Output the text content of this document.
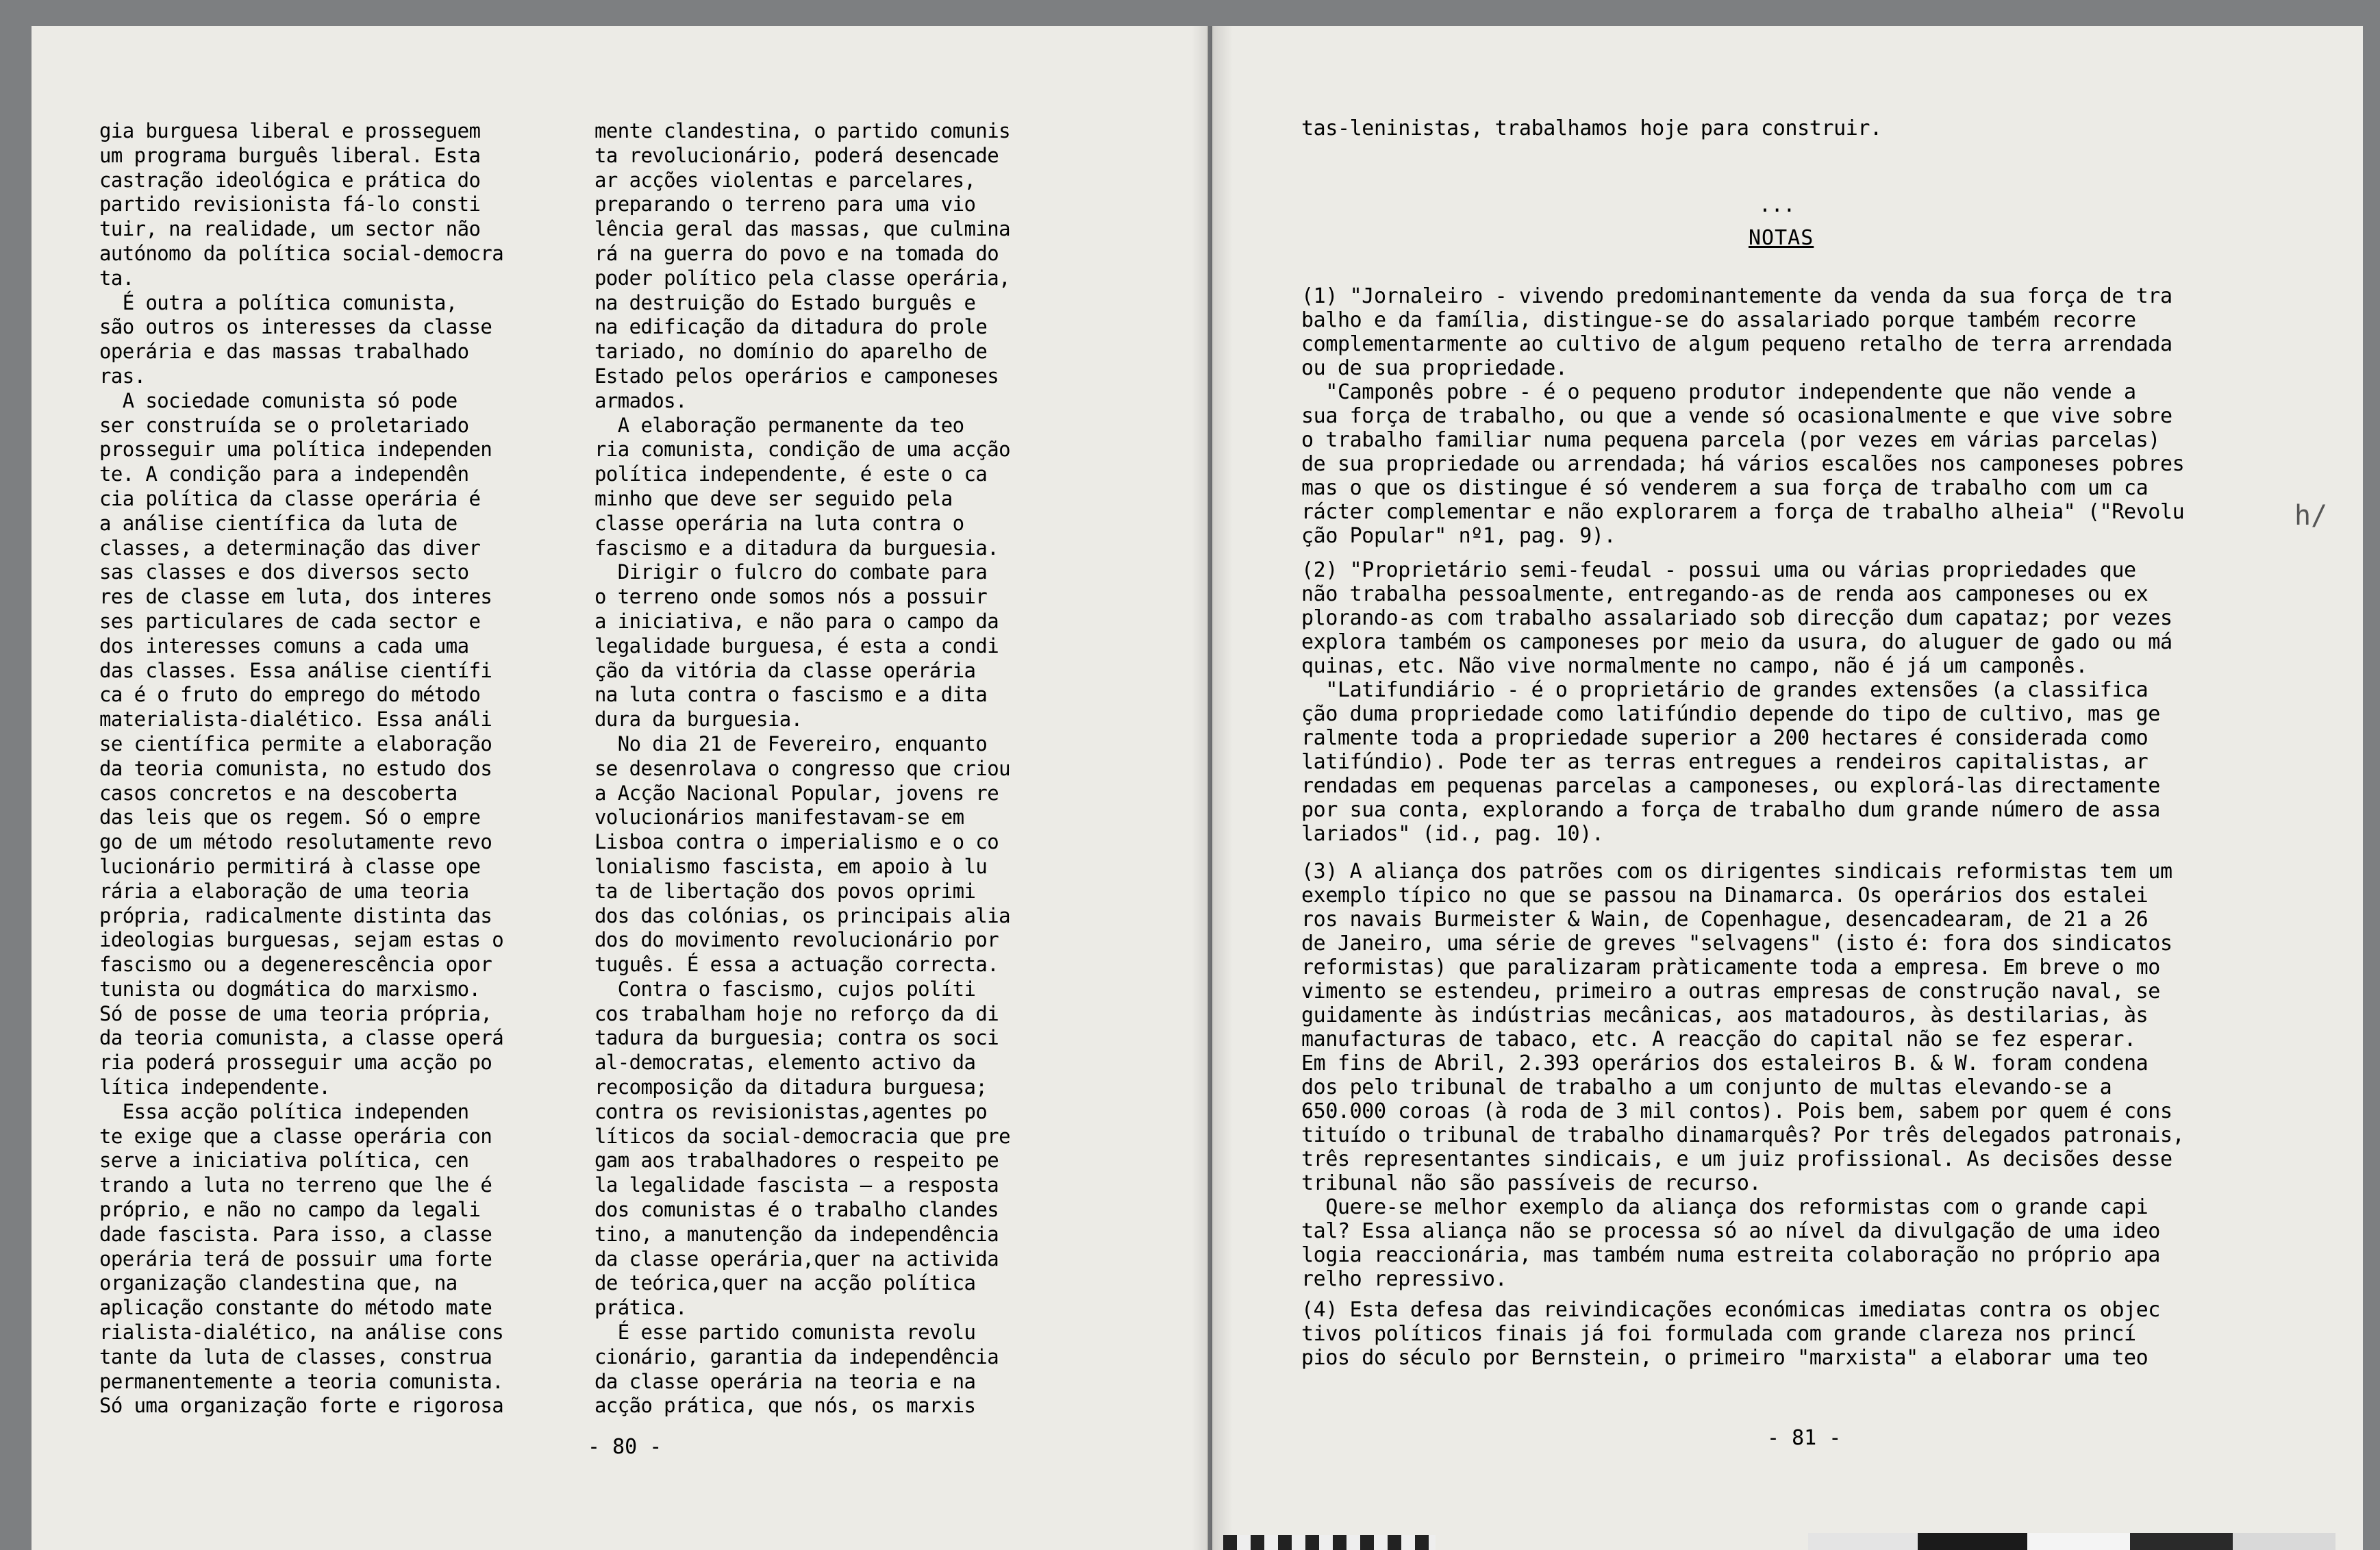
gia burguesa liberal e prosseguem
um programa burguês liberal. Esta
castração ideológica e prática do
partido revisionista fá-lo consti
tuir, na realidade, um sector não
autónomo da política social-democra
ta.
É outra a política comunista,
são outros os interesses da classe
operária e das massas trabalhado
ras.
A sociedade comunista só pode
ser construída se o proletariado
prosseguir uma política independen
te. A condição para a independên
cia política da classe operária é
a análise científica da luta de
classes, a determinação das diver
sas classes e dos diversos secto
res de classe em luta, dos interes
ses particulares de cada sector e
dos interesses comuns a cada uma
das classes. Essa análise científi
ca é o fruto do emprego do método
materialista-dialético. Essa análi
se científica permite a elaboração
da teoria comunista, no estudo dos
casos concretos e na descoberta
das leis que os regem. Só o empre
go de um método resolutamente revo
lucionário permitirá à classe ope
rária a elaboração de uma teoria
própria, radicalmente distinta das
ideologias burguesas, sejam estas o
fascismo ou a degenerescência opor
tunista ou dogmática do marxismo.
Só de posse de uma teoria própria,
da teoria comunista, a classe operá
ria poderá prosseguir uma acção po
lítica independente.
Essa acção política independen
te exige que a classe operária con
serve a iniciativa política, cen
trando a luta no terreno que lhe é
próprio, e não no campo da legali
dade fascista. Para isso, a classe
operária terá de possuir uma forte
organização clandestina que, na
aplicação constante do método mate
rialista-dialético, na análise cons
tante da luta de classes, construa
permanentemente a teoria comunista.
Só uma organização forte e rigorosa
mente clandestina, o partido comunis
ta revolucionário, poderá desencade
ar acções violentas e parcelares,
preparando o terreno para uma vio
lência geral das massas, que culmina
rá na guerra do povo e na tomada do
poder político pela classe operária,
na destruição do Estado burguês e
na edificação da ditadura do prole
tariado, no domínio do aparelho de
Estado pelos operários e camponeses
armados.
A elaboração permanente da teo
ria comunista, condição de uma acção
política independente, é este o ca
minho que deve ser seguido pela
classe operária na luta contra o
fascismo e a ditadura da burguesia.
Dirigir o fulcro do combate para
o terreno onde somos nós a possuir
a iniciativa, e não para o campo da
legalidade burguesa, é esta a condi
ção da vitória da classe operária
na luta contra o fascismo e a dita
dura da burguesia.
No dia 21 de Fevereiro, enquanto
se desenrolava o congresso que criou
a Acção Nacional Popular, jovens re
volucionários manifestavam-se em
Lisboa contra o imperialismo e o co
lonialismo fascista, em apoio à lu
ta de libertação dos povos oprimi
dos das colónias, os principais alia
dos do movimento revolucionário por
tuguês. É essa a actuação correcta.
Contra o fascismo, cujos políti
cos trabalham hoje no reforço da di
tadura da burguesia; contra os soci
al-democratas, elemento activo da
recomposição da ditadura burguesa;
contra os revisionistas,agentes po
líticos da social-democracia que pre
gam aos trabalhadores o respeito pe
la legalidade fascista — a resposta
dos comunistas é o trabalho clandes
tino, a manutenção da independência
da classe operária,quer na activida
de teórica,quer na acção política
prática.
É esse partido comunista revolu
cionário, garantia da independência
da classe operária na teoria e na
acção prática, que nós, os marxis
- 80 -
tas-leninistas, trabalhamos hoje para construir.
...
NOTAS
(1) "Jornaleiro - vivendo predominantemente da venda da sua força de tra
balho e da família, distingue-se do assalariado porque também recorre
complementarmente ao cultivo de algum pequeno retalho de terra arrendada
ou de sua propriedade.
"Camponês pobre - é o pequeno produtor independente que não vende a
sua força de trabalho, ou que a vende só ocasionalmente e que vive sobre
o trabalho familiar numa pequena parcela (por vezes em várias parcelas)
de sua propriedade ou arrendada; há vários escalões nos camponeses pobres
mas o que os distingue é só venderem a sua força de trabalho com um ca
rácter complementar e não explorarem a força de trabalho alheia" ("Revolu
ção Popular" nº1, pag. 9).
(2) "Proprietário semi-feudal - possui uma ou várias propriedades que
não trabalha pessoalmente, entregando-as de renda aos camponeses ou ex
plorando-as com trabalho assalariado sob direcção dum capataz; por vezes
explora também os camponeses por meio da usura, do aluguer de gado ou má
quinas, etc. Não vive normalmente no campo, não é já um camponês.
"Latifundiário - é o proprietário de grandes extensões (a classifica
ção duma propriedade como latifúndio depende do tipo de cultivo, mas ge
ralmente toda a propriedade superior a 200 hectares é considerada como
latifúndio). Pode ter as terras entregues a rendeiros capitalistas, ar
rendadas em pequenas parcelas a camponeses, ou explorá-las directamente
por sua conta, explorando a força de trabalho dum grande número de assa
lariados" (id., pag. 10).
(3) A aliança dos patrões com os dirigentes sindicais reformistas tem um
exemplo típico no que se passou na Dinamarca. Os operários dos estalei
ros navais Burmeister & Wain, de Copenhague, desencadearam, de 21 a 26
de Janeiro, uma série de greves "selvagens" (isto é: fora dos sindicatos
reformistas) que paralizaram pràticamente toda a empresa. Em breve o mo
vimento se estendeu, primeiro a outras empresas de construção naval, se
guidamente às indústrias mecânicas, aos matadouros, às destilarias, às
manufacturas de tabaco, etc. A reacção do capital não se fez esperar.
Em fins de Abril, 2.393 operários dos estaleiros B. & W. foram condena
dos pelo tribunal de trabalho a um conjunto de multas elevando-se a
650.000 coroas (à roda de 3 mil contos). Pois bem, sabem por quem é cons
tituído o tribunal de trabalho dinamarquês? Por três delegados patronais,
três representantes sindicais, e um juiz profissional. As decisões desse
tribunal não são passíveis de recurso.
Quere-se melhor exemplo da aliança dos reformistas com o grande capi
tal? Essa aliança não se processa só ao nível da divulgação de uma ideo
logia reaccionária, mas também numa estreita colaboração no próprio apa
relho repressivo.
(4) Esta defesa das reivindicações económicas imediatas contra os objec
tivos políticos finais já foi formulada com grande clareza nos princí
pios do século por Bernstein, o primeiro "marxista" a elaborar uma teo
h/
- 81 -
